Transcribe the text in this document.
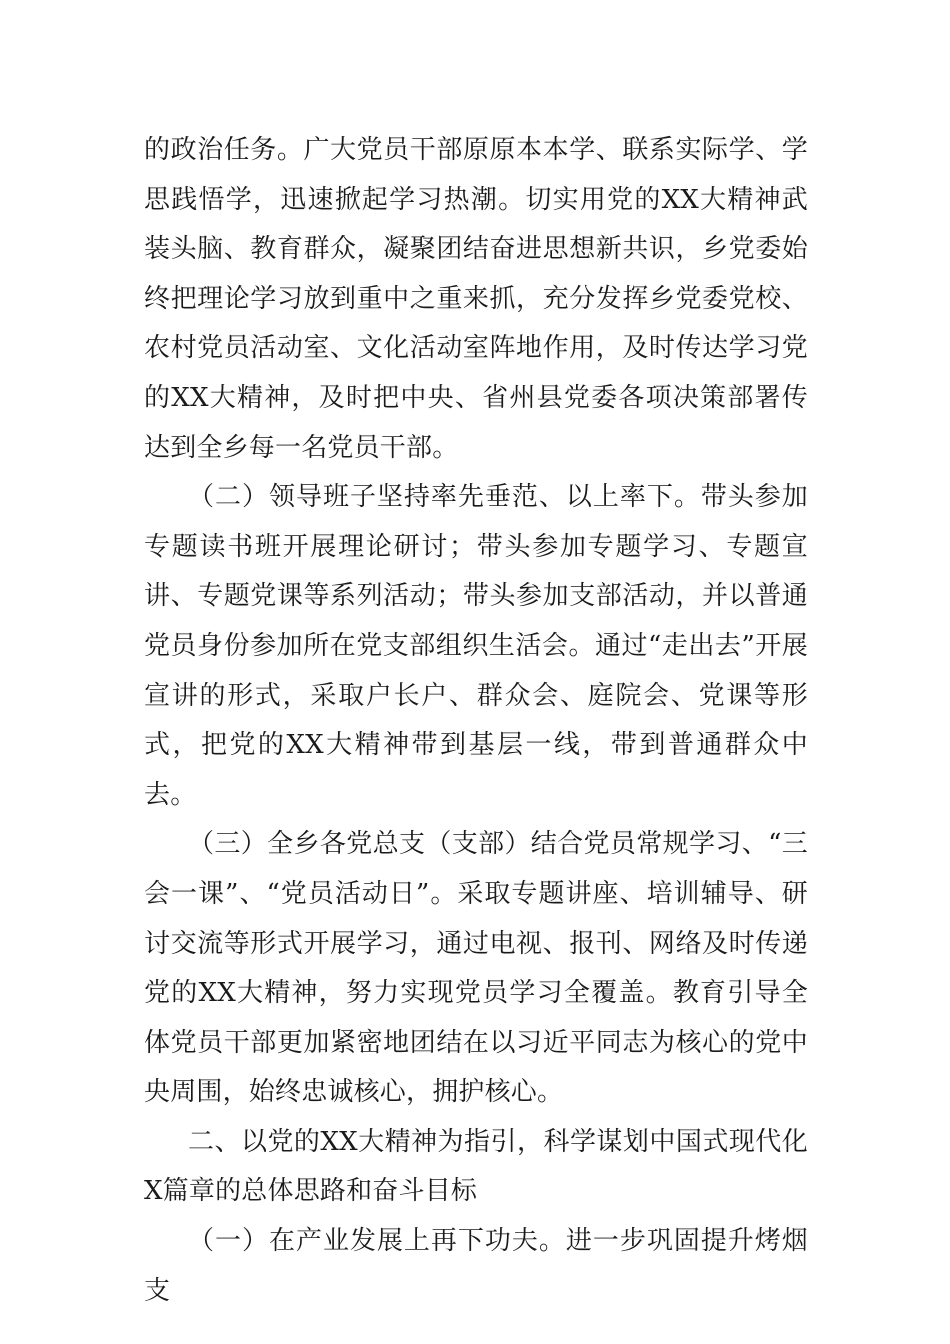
的政治任务。广大党员干部原原本本学、联系实际学、学思践悟学，迅速掀起学习热潮。切实用党的XX大精神武装头脑、教育群众，凝聚团结奋进思想新共识，乡党委始终把理论学习放到重中之重来抓，充分发挥乡党委党校、农村党员活动室、文化活动室阵地作用，及时传达学习党的XX大精神，及时把中央、省州县党委各项决策部署传达到全乡每一名党员干部。

（二）领导班子坚持率先垂范、以上率下。带头参加专题读书班开展理论研讨；带头参加专题学习、专题宣讲、专题党课等系列活动；带头参加支部活动，并以普通党员身份参加所在党支部组织生活会。通过“走出去”开展宣讲的形式，采取户长户、群众会、庭院会、党课等形式，把党的XX大精神带到基层一线，带到普通群众中去。

（三）全乡各党总支（支部）结合党员常规学习、“三会一课”、“党员活动日”。采取专题讲座、培训辅导、研讨交流等形式开展学习，通过电视、报刊、网络及时传递党的XX大精神，努力实现党员学习全覆盖。教育引导全体党员干部更加紧密地团结在以习近平同志为核心的党中央周围，始终忠诚核心，拥护核心。

二、以党的XX大精神为指引，科学谋划中国式现代化X篇章的总体思路和奋斗目标

（一）在产业发展上再下功夫。进一步巩固提升烤烟支
